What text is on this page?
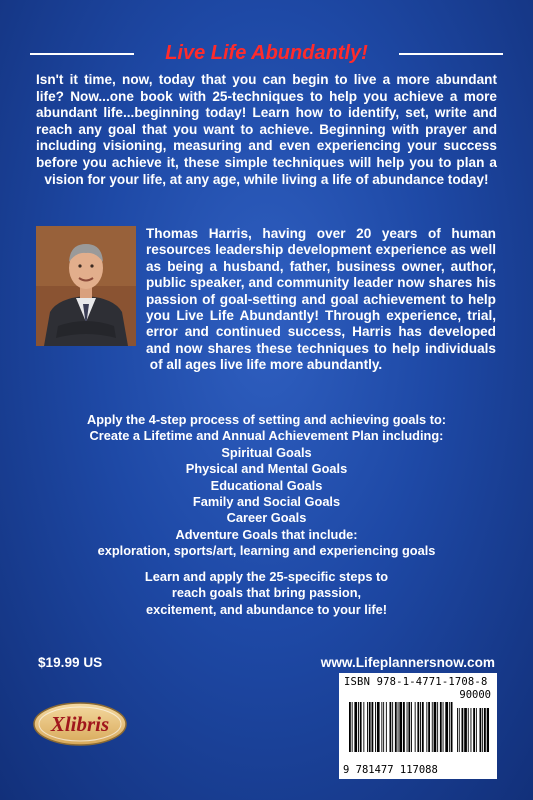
Live Life Abundantly!

Isn't it time, now, today that you can begin to live a more abundant life? Now...one book with 25-techniques to help you achieve a more abundant life...beginning today! Learn how to identify, set, write and reach any goal that you want to achieve. Beginning with prayer and including visioning, measuring and even experiencing your success before you achieve it, these simple techniques will help you to plan a vision for your life, at any age, while living a life of abundance today!

Thomas Harris, having over 20 years of human resources leadership development experience as well as being a husband, father, business owner, author, public speaker, and community leader now shares his passion of goal-setting and goal achievement to help you Live Life Abundantly! Through experience, trial, error and continued success, Harris has developed and now shares these techniques to help individuals of all ages live life more abundantly.

Apply the 4-step process of setting and achieving goals to:
Create a Lifetime and Annual Achievement Plan including:
Spiritual Goals
Physical and Mental Goals
Educational Goals
Family and Social Goals
Career Goals
Adventure Goals that include:
exploration, sports/art, learning and experiencing goals
Learn and apply the 25-specific steps to
reach goals that bring passion,
excitement, and abundance to your life!
$19.99 US	www.Lifeplannersnow.com
Xlibris
ISBN 978-1-4771-1708-8
90000
9 781477 117088
